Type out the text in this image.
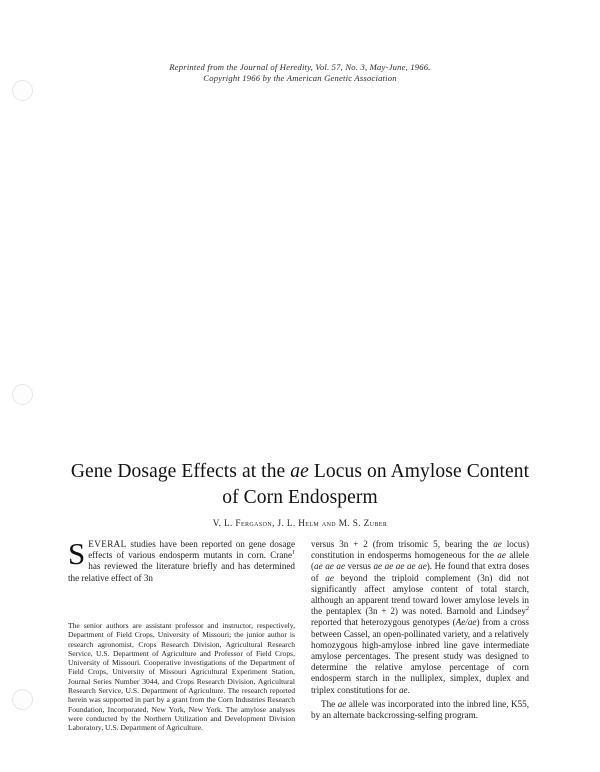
Reprinted from the Journal of Heredity, Vol. 57, No. 3, May-June, 1966.
Copyright 1966 by the American Genetic Association
Gene Dosage Effects at the ae Locus on Amylose Content
of Corn Endosperm
V. L. Fergason, J. L. Helm and M. S. Zuber

SEVERAL studies have been reported on gene dosage effects of various endosperm mutants in corn. Crane$^1$ has reviewed the literature briefly and has determined the relative effect of 3n

The senior authors are assistant professor and instructor, respectively, Department of Field Crops, University of Missouri; the junior author is research agronomist, Crops Research Division, Agricultural Research Service, U.S. Department of Agriculture and Professor of Field Crops, University of Missouri. Cooperative investigations of the Department of Field Crops, University of Missouri Agricultural Experiment Station, Journal Series Number 3044, and Crops Research Division, Agricultural Research Service, U.S. Department of Agriculture. The research reported herein was supported in part by a grant from the Corn Industries Research Foundation, Incorporated, New York, New York. The amylose analyses were conducted by the Northern Utilization and Development Division Laboratory, U.S. Department of Agriculture.

versus 3n + 2 (from trisomic 5, bearing the ae locus) constitution in endosperms homogeneous for the ae allele (ae ae ae versus ae ae ae ae ae). He found that extra doses of ae beyond the triploid complement (3n) did not significantly affect amylose content of total starch, although an apparent trend toward lower amylose levels in the pentaplex (3n + 2) was noted. Barnold and Lindsey$^2$ reported that heterozygous genotypes (Ae/ae) from a cross between Cassel, an open-pollinated variety, and a relatively homozygous high-amylose inbred line gave intermediate amylose percentages. The present study was designed to determine the relative amylose percentage of corn endosperm starch in the nulliplex, simplex, duplex and triplex constitutions for ae.

The ae allele was incorporated into the inbred line, K55, by an alternate backcrossing-selfing program.
